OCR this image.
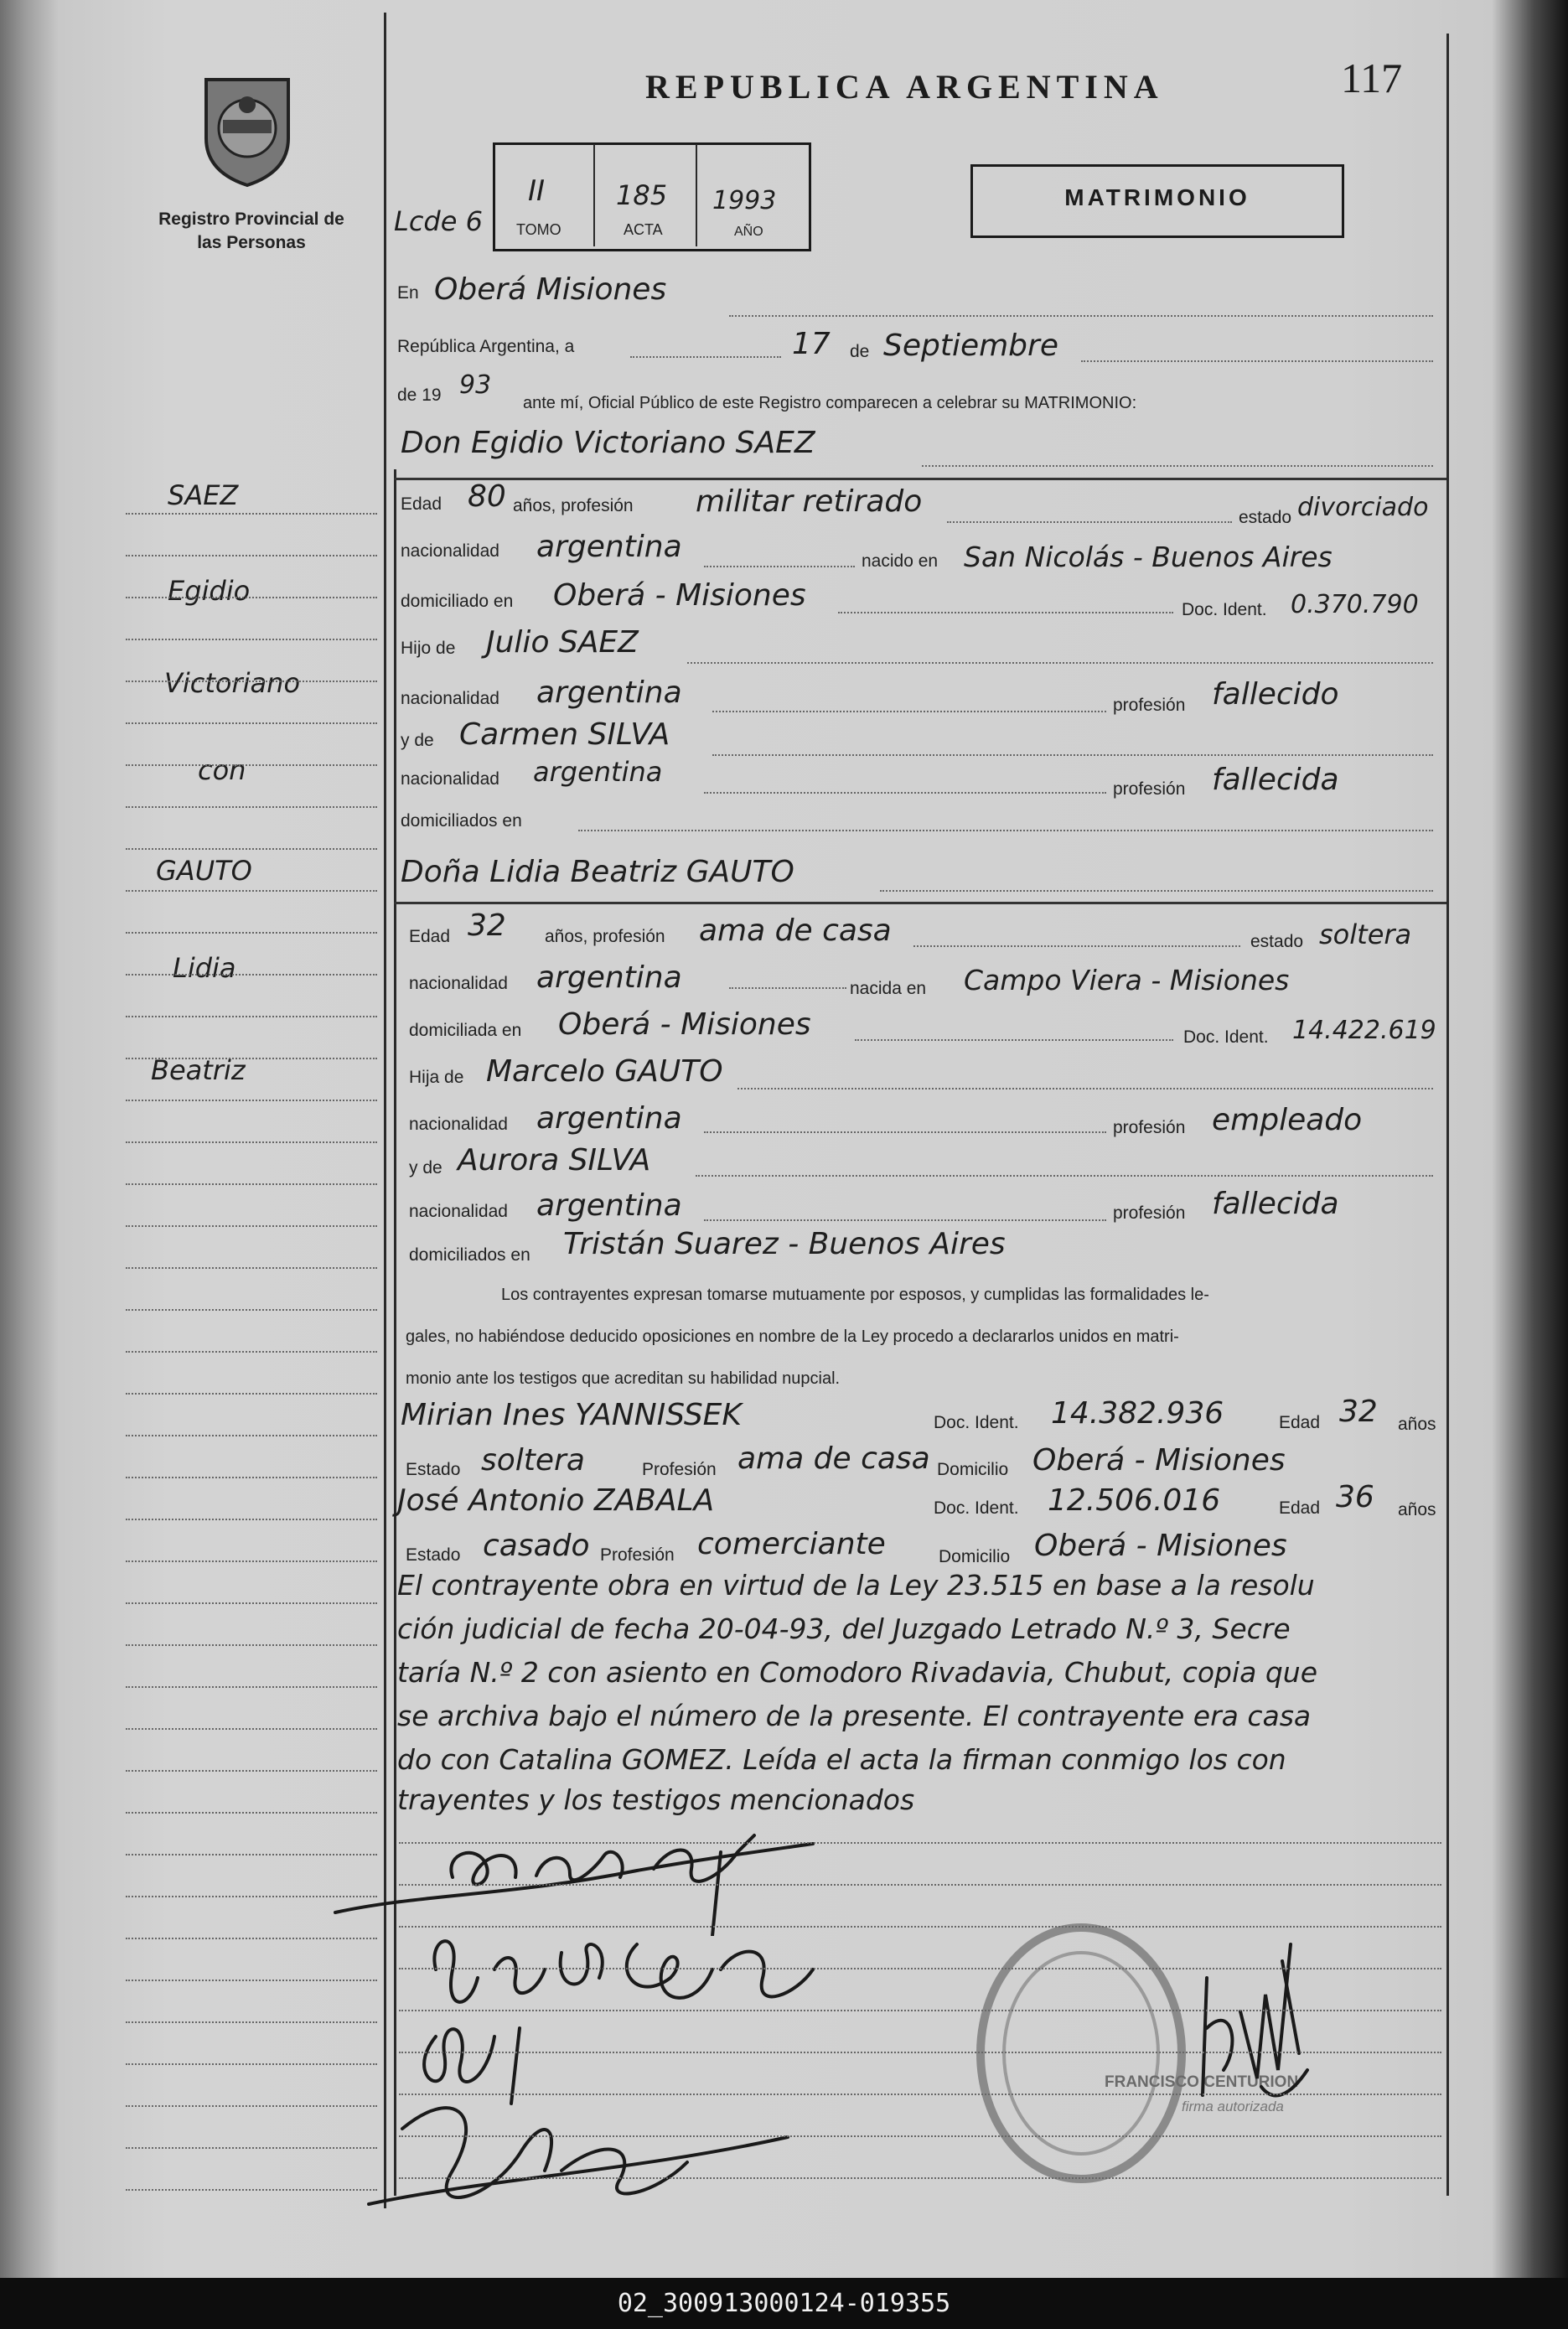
Registro Provincial de las Personas
REPUBLICA ARGENTINA	117
Lcde 6
II	185 1993
TOMO	ACTA	AÑO
MATRIMONIO
En Oberá Misiones
República Argentina, a	17 de Septiembre
de 19 93
ante mí, Oficial Público de este Registro comparecen a celebrar su MATRIMONIO:
Don Egidio Victoriano SAEZ
Edad 80 años, profesión militar retirado	estado divorciado
nacionalidad argentina	nacido en San Nicolás - Buenos Aires
domiciliado en Oberá - Misiones	Doc. Ident. 0.370.790
Hijo de Julio SAEZ
nacionalidad argentina	profesión fallecido
y de Carmen SILVA
nacionalidad argentina
profesión fallecida
domiciliados en
Doña Lidia Beatriz GAUTO
Edad 32 años, profesión ama de casa	estado soltera
nacionalidad argentina	nacida en Campo Viera - Misiones
domiciliada en Oberá - Misiones	Doc. Ident. 14.422.619
Hija de Marcelo GAUTO
nacionalidad argentina	profesión empleado
y de Aurora SILVA
nacionalidad argentina	profesión fallecida
domiciliados en Tristán Suarez - Buenos Aires
SAEZ
Egidio
Victoriano
con
GAUTO
Lidia
Beatriz
Los contrayentes expresan tomarse mutuamente por esposos, y cumplidas las formalidades le-
gales, no habiéndose deducido oposiciones en nombre de la Ley procedo a declararlos unidos en matri-
monio ante los testigos que acreditan su habilidad nupcial.
Mirian Ines YANNISSEK	Doc. Ident. 14.382.936	Edad 32 años
Estado soltera	Profesión ama de casa Domicilio Oberá - Misiones
José Antonio ZABALA	Doc. Ident. 12.506.016	Edad 36 años
Estado casado Profesión comerciante	Domicilio Oberá - Misiones
El contrayente obra en virtud de la Ley 23.515 en base a la resolu
ción judicial de fecha 20-04-93, del Juzgado Letrado N.º 3, Secre
taría N.º 2 con asiento en Comodoro Rivadavia, Chubut, copia que
se archiva bajo el número de la presente. El contrayente era casa
do con Catalina GOMEZ. Leída el acta la firman conmigo los con
trayentes y los testigos mencionados
FRANCISCO CENTURION
firma autorizada
02_300913000124-019355
